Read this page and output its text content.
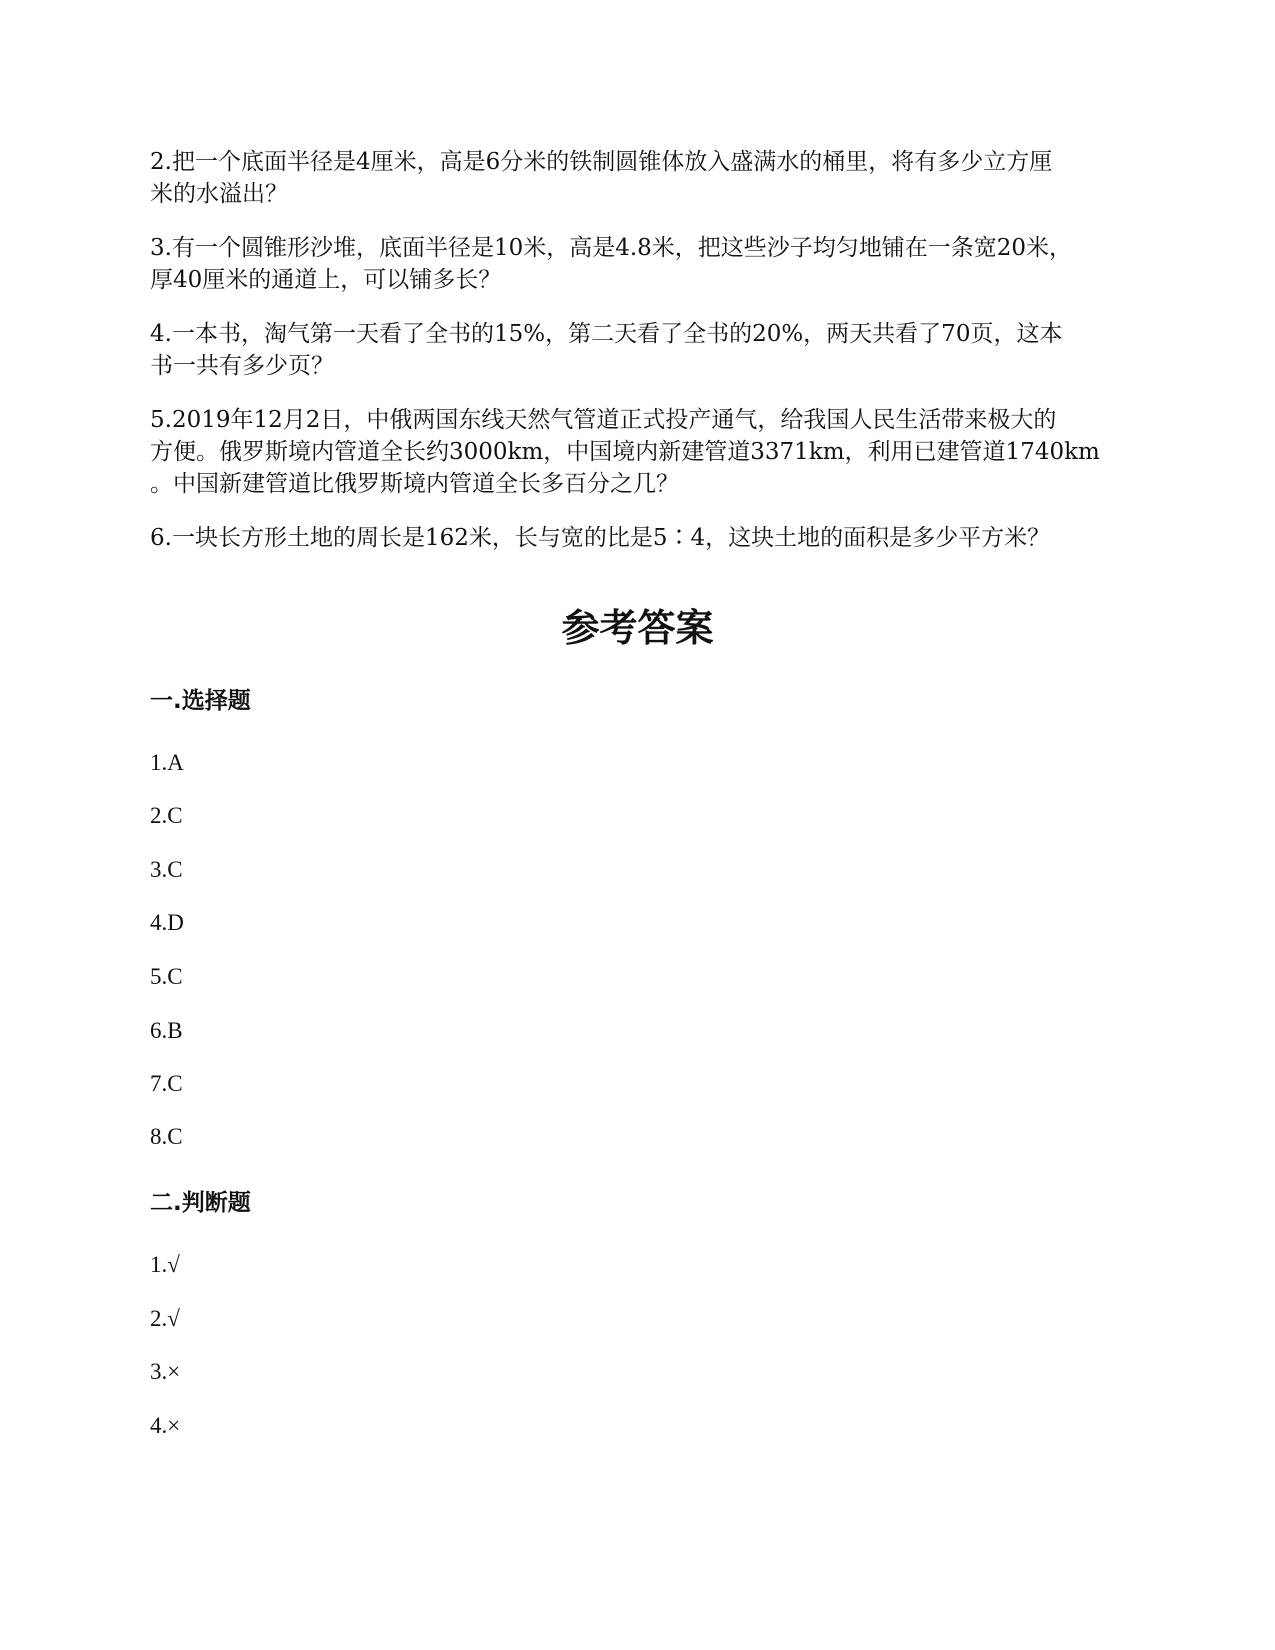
2.把一个底面半径是4厘米，高是6分米的铁制圆锥体放入盛满水的桶里，将有多少立方厘
米的水溢出？
3.有一个圆锥形沙堆，底面半径是10米，高是4.8米，把这些沙子均匀地铺在一条宽20米，
厚40厘米的通道上，可以铺多长？
4.一本书，淘气第一天看了全书的15%，第二天看了全书的20%，两天共看了70页，这本
书一共有多少页？
5.2019年12月2日，中俄两国东线天然气管道正式投产通气，给我国人民生活带来极大的
方便。俄罗斯境内管道全长约3000km，中国境内新建管道3371km，利用已建管道1740km
。中国新建管道比俄罗斯境内管道全长多百分之几？
6.一块长方形土地的周长是162米，长与宽的比是5∶4，这块土地的面积是多少平方米？
参考答案
一.选择题
1.A
2.C
3.C
4.D
5.C
6.B
7.C
8.C
二.判断题
1.√
2.√
3.×
4.×
